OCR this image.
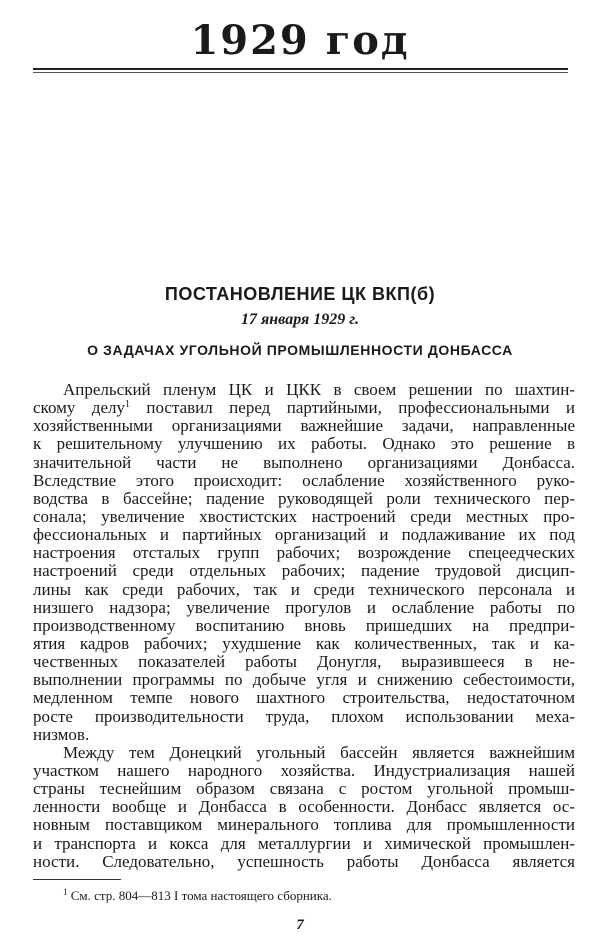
1929 год
ПОСТАНОВЛЕНИЕ ЦК ВКП(б)
17 января 1929 г.
О ЗАДАЧАХ УГОЛЬНОЙ ПРОМЫШЛЕННОСТИ ДОНБАССА
Апрельский пленум ЦК и ЦКК в своем решении по шахтин-
скому делу$^1$ поставил перед партийными, профессиональными и
хозяйственными организациями важнейшие задачи, направленные
к решительному улучшению их работы. Однако это решение в
значительной части не выполнено организациями Донбасса.
Вследствие этого происходит: ослабление хозяйственного руко-
водства в бассейне; падение руководящей роли технического пер-
сонала; увеличение хвостистских настроений среди местных про-
фессиональных и партийных организаций и подлаживание их под
настроения отсталых групп рабочих; возрождение спецеедческих
настроений среди отдельных рабочих; падение трудовой дисцип-
лины как среди рабочих, так и среди технического персонала и
низшего надзора; увеличение прогулов и ослабление работы по
производственному воспитанию вновь пришедших на предпри-
ятия кадров рабочих; ухудшение как количественных, так и ка-
чественных показателей работы Донугля, выразившееся в не-
выполнении программы по добыче угля и снижению себестоимости,
медленном темпе нового шахтного строительства, недостаточном
росте производительности труда, плохом использовании меха-
низмов.
Между тем Донецкий угольный бассейн является важнейшим
участком нашего народного хозяйства. Индустриализация нашей
страны теснейшим образом связана с ростом угольной промыш-
ленности вообще и Донбасса в особенности. Донбасс является ос-
новным поставщиком минерального топлива для промышленности
и транспорта и кокса для металлургии и химической промышлен-
ности. Следовательно, успешность работы Донбасса является
$^1$ См. стр. 804—813 I тома настоящего сборника.
7
